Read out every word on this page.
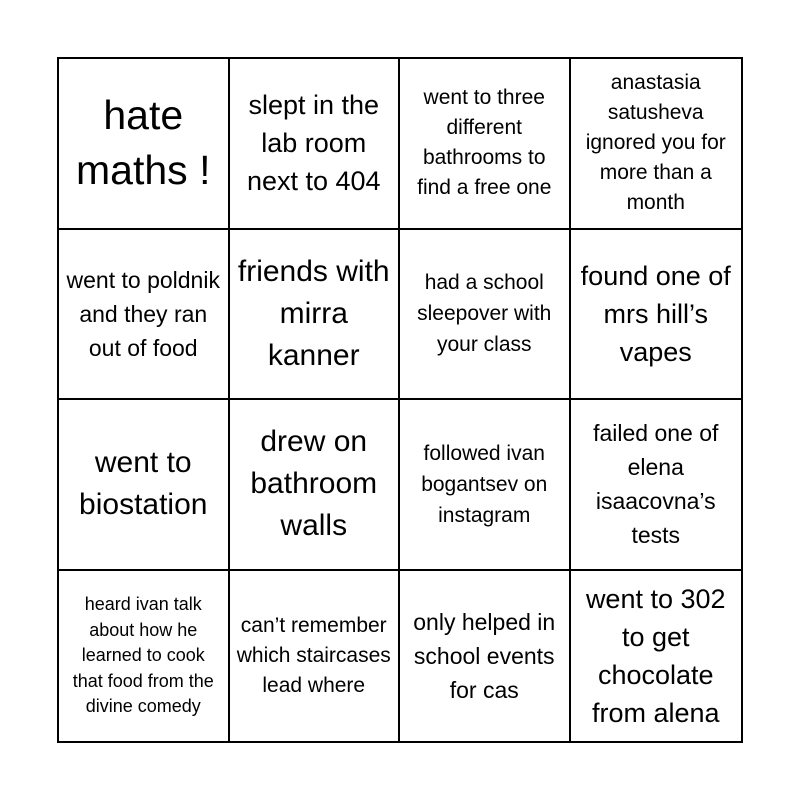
hate maths !
slept in the lab room next to 404
went to three different bathrooms to find a free one
anastasia satusheva ignored you for more than a month
went to poldnik and they ran out of food
friends with mirra kanner
had a school sleepover with your class
found one of mrs hill’s vapes
went to biostation
drew on bathroom walls
followed ivan bogantsev on instagram
failed one of elena isaacovna’s tests
heard ivan talk about how he learned to cook that food from the divine comedy
can’t remember which staircases lead where
only helped in school events for cas
went to 302 to get chocolate from alena
